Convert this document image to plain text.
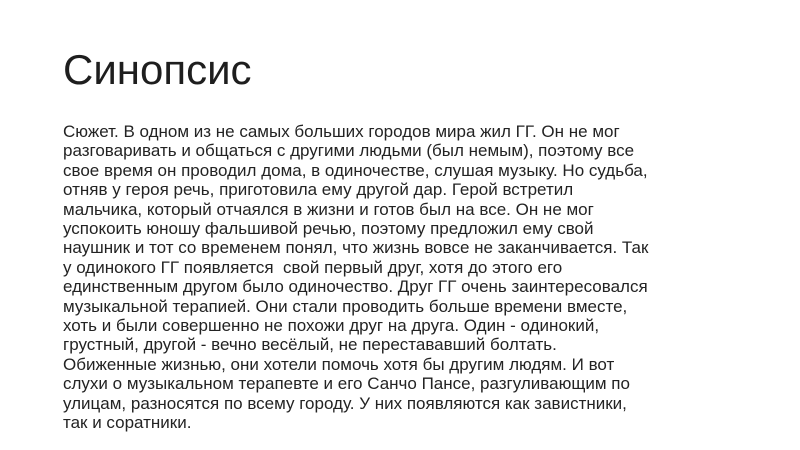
Синопсис
Сюжет. В одном из не самых больших городов мира жил ГГ. Он не мог
разговаривать и общаться с другими людьми (был немым), поэтому все
свое время он проводил дома, в одиночестве, слушая музыку. Но судьба,
отняв у героя речь, приготовила ему другой дар. Герой встретил
мальчика, который отчаялся в жизни и готов был на все. Он не мог
успокоить юношу фальшивой речью, поэтому предложил ему свой
наушник и тот со временем понял, что жизнь вовсе не заканчивается. Так
у одинокого ГГ появляется  свой первый друг, хотя до этого его
единственным другом было одиночество. Друг ГГ очень заинтересовался
музыкальной терапией. Они стали проводить больше времени вместе,
хоть и были совершенно не похожи друг на друга. Один - одинокий,
грустный, другой - вечно весёлый, не перестававший болтать.
Обиженные жизнью, они хотели помочь хотя бы другим людям. И вот
слухи о музыкальном терапевте и его Санчо Пансе, разгуливающим по
улицам, разносятся по всему городу. У них появляются как завистники,
так и соратники.
